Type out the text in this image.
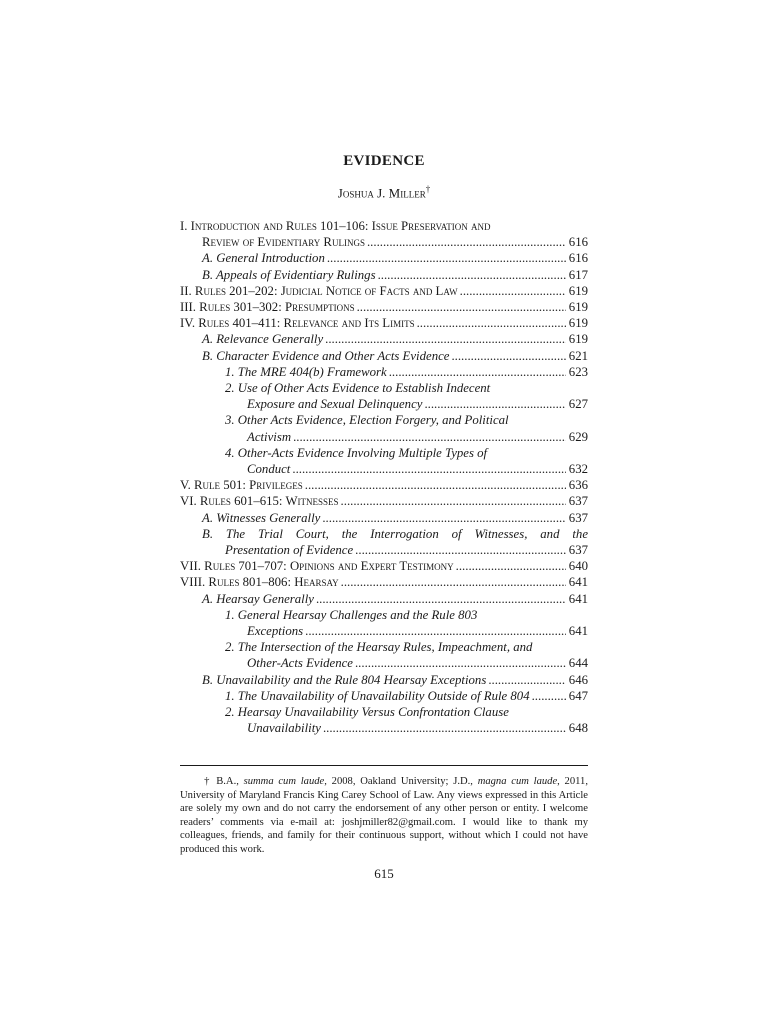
EVIDENCE
Joshua J. Miller†
I. Introduction and Rules 101–106: Issue Preservation and
Review of Evidentiary Rulings . . .	616
A. General Introduction . . .	616
B. Appeals of Evidentiary Rulings . . .	617
II. Rules 201–202: Judicial Notice of Facts and Law . . .	619
III. Rules 301–302: Presumptions . . .	619
IV. Rules 401–411: Relevance and Its Limits . . .	619
A. Relevance Generally . . .	619
B. Character Evidence and Other Acts Evidence . . .	621
1. The MRE 404(b) Framework . . .	623
2. Use of Other Acts Evidence to Establish Indecent
Exposure and Sexual Delinquency . . .	627
3. Other Acts Evidence, Election Forgery, and Political
Activism . . .	629
4. Other-Acts Evidence Involving Multiple Types of
Conduct . . .	632
V. Rule 501: Privileges . . .	636
VI. Rules 601–615: Witnesses . . .	637
A. Witnesses Generally . . .	637
B. The Trial Court, the Interrogation of Witnesses, and the
Presentation of Evidence . . .	637
VII. Rules 701–707: Opinions and Expert Testimony . . .	640
VIII. Rules 801–806: Hearsay . . .	641
A. Hearsay Generally . . .	641
1. General Hearsay Challenges and the Rule 803
Exceptions . . .	641
2. The Intersection of the Hearsay Rules, Impeachment, and
Other-Acts Evidence . . .	644
B. Unavailability and the Rule 804 Hearsay Exceptions . . .	646
1. The Unavailability of Unavailability Outside of Rule 804 . . .	647
2. Hearsay Unavailability Versus Confrontation Clause
Unavailability . . .	648
† B.A., summa cum laude, 2008, Oakland University; J.D., magna cum laude, 2011, University of Maryland Francis King Carey School of Law. Any views expressed in this Article are solely my own and do not carry the endorsement of any other person or entity. I welcome readers’ comments via e-mail at: joshjmiller82@gmail.com. I would like to thank my colleagues, friends, and family for their continuous support, without which I could not have produced this work.
615
